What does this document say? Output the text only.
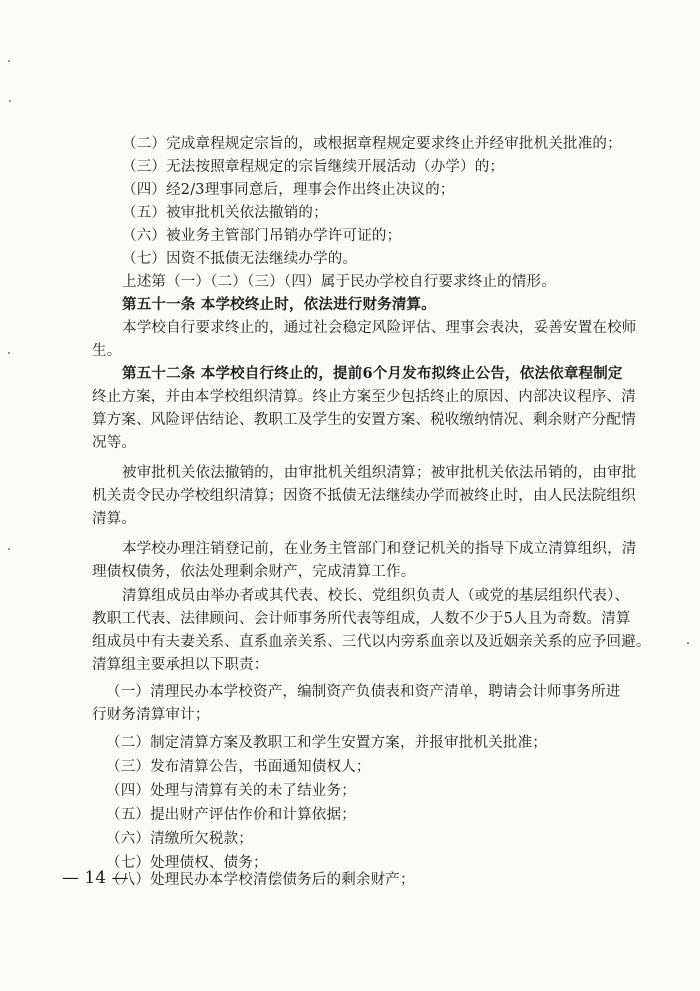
（二）完成章程规定宗旨的，或根据章程规定要求终止并经审批机关批准的；
（三）无法按照章程规定的宗旨继续开展活动（办学）的；
（四）经2/3理事同意后，理事会作出终止决议的；
（五）被审批机关依法撤销的；
（六）被业务主管部门吊销办学许可证的；
（七）因资不抵债无法继续办学的。
上述第（一）（二）（三）（四）属于民办学校自行要求终止的情形。
第五十一条 本学校终止时，依法进行财务清算。
本学校自行要求终止的，通过社会稳定风险评估、理事会表决，妥善安置在校师
生。
第五十二条 本学校自行终止的，提前6个月发布拟终止公告，依法依章程制定
终止方案，并由本学校组织清算。终止方案至少包括终止的原因、内部决议程序、清
算方案、风险评估结论、教职工及学生的安置方案、税收缴纳情况、剩余财产分配情
况等。
被审批机关依法撤销的，由审批机关组织清算；被审批机关依法吊销的，由审批
机关责令民办学校组织清算；因资不抵债无法继续办学而被终止时，由人民法院组织
清算。
本学校办理注销登记前，在业务主管部门和登记机关的指导下成立清算组织，清
理债权债务，依法处理剩余财产，完成清算工作。
清算组成员由举办者或其代表、校长、党组织负责人（或党的基层组织代表）、
教职工代表、法律顾问、会计师事务所代表等组成，人数不少于5人且为奇数。清算
组成员中有夫妻关系、直系血亲关系、三代以内旁系血亲以及近姻亲关系的应予回避。
清算组主要承担以下职责：
（一）清理民办本学校资产，编制资产负债表和资产清单，聘请会计师事务所进
行财务清算审计；
（二）制定清算方案及教职工和学生安置方案，并报审批机关批准；
（三）发布清算公告，书面通知债权人；
（四）处理与清算有关的未了结业务；
（五）提出财产评估作价和计算依据；
（六）清缴所欠税款；
（七）处理债权、债务；
（八）处理民办本学校清偿债务后的剩余财产；
— 14 —
